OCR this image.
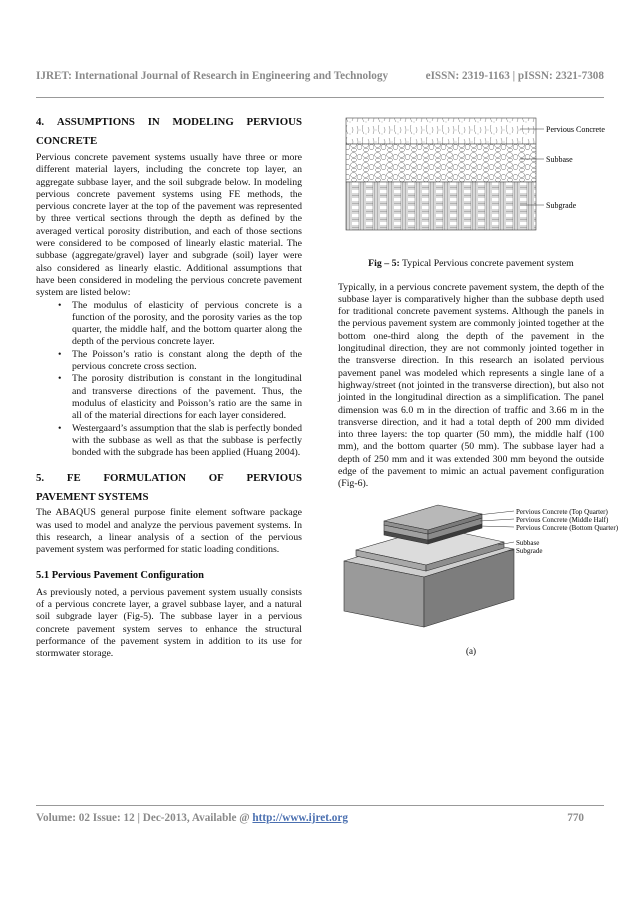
IJRET: International Journal of Research in Engineering and Technology	eISSN: 2319-1163 | pISSN: 2321-7308
4. ASSUMPTIONS IN MODELING PERVIOUS
CONCRETE

Pervious concrete pavement systems usually have three or more different material layers, including the concrete top layer, an aggregate subbase layer, and the soil subgrade below. In modeling pervious concrete pavement systems using FE methods, the pervious concrete layer at the top of the pavement was represented by three vertical sections through the depth as defined by the averaged vertical porosity distribution, and each of those sections were considered to be composed of linearly elastic material. The subbase (aggregate/gravel) layer and subgrade (soil) layer were also considered as linearly elastic. Additional assumptions that have been considered in modeling the pervious concrete pavement system are listed below:

• The modulus of elasticity of pervious concrete is a function of the porosity, and the porosity varies as the top quarter, the middle half, and the bottom quarter along the depth of the pervious concrete layer.
• The Poisson’s ratio is constant along the depth of the pervious concrete cross section.
• The porosity distribution is constant in the longitudinal and transverse directions of the pavement. Thus, the modulus of elasticity and Poisson’s ratio are the same in all of the material directions for each layer considered.
• Westergaard’s assumption that the slab is perfectly bonded with the subbase as well as that the subbase is perfectly bonded with the subgrade has been applied (Huang 2004).
5. FE FORMULATION OF PERVIOUS
PAVEMENT SYSTEMS

The ABAQUS general purpose finite element software package was used to model and analyze the pervious pavement systems. In this research, a linear analysis of a section of the pervious pavement system was performed for static loading conditions.

5.1 Pervious Pavement Configuration

As previously noted, a pervious pavement system usually consists of a pervious concrete layer, a gravel subbase layer, and a natural soil subgrade layer (Fig-5). The subbase layer in a pervious concrete pavement system serves to enhance the structural performance of the pavement system in addition to its use for stormwater storage.

Pervious Concrete
Subbase
Subgrade

Fig – 5: Typical Pervious concrete pavement system

Typically, in a pervious concrete pavement system, the depth of the subbase layer is comparatively higher than the subbase depth used for traditional concrete pavement systems. Although the panels in the pervious pavement system are commonly jointed together at the bottom one-third along the depth of the pavement in the longitudinal direction, they are not commonly jointed together in the transverse direction. In this research an isolated pervious pavement panel was modeled which represents a single lane of a highway/street (not jointed in the transverse direction), but also not jointed in the longitudinal direction as a simplification. The panel dimension was 6.0 m in the direction of traffic and 3.66 m in the transverse direction, and it had a total depth of 200 mm divided into three layers: the top quarter (50 mm), the middle half (100 mm), and the bottom quarter (50 mm). The subbase layer had a depth of 250 mm and it was extended 300 mm beyond the outside edge of the pavement to mimic an actual pavement configuration (Fig-6).

Pervious Concrete (Top Quarter)
Pervious Concrete (Middle Half)
Pervious Concrete (Bottom Quarter)
Subbase
Subgrade
(a)
Volume: 02 Issue: 12 | Dec-2013, Available @ http://www.ijret.org	770
